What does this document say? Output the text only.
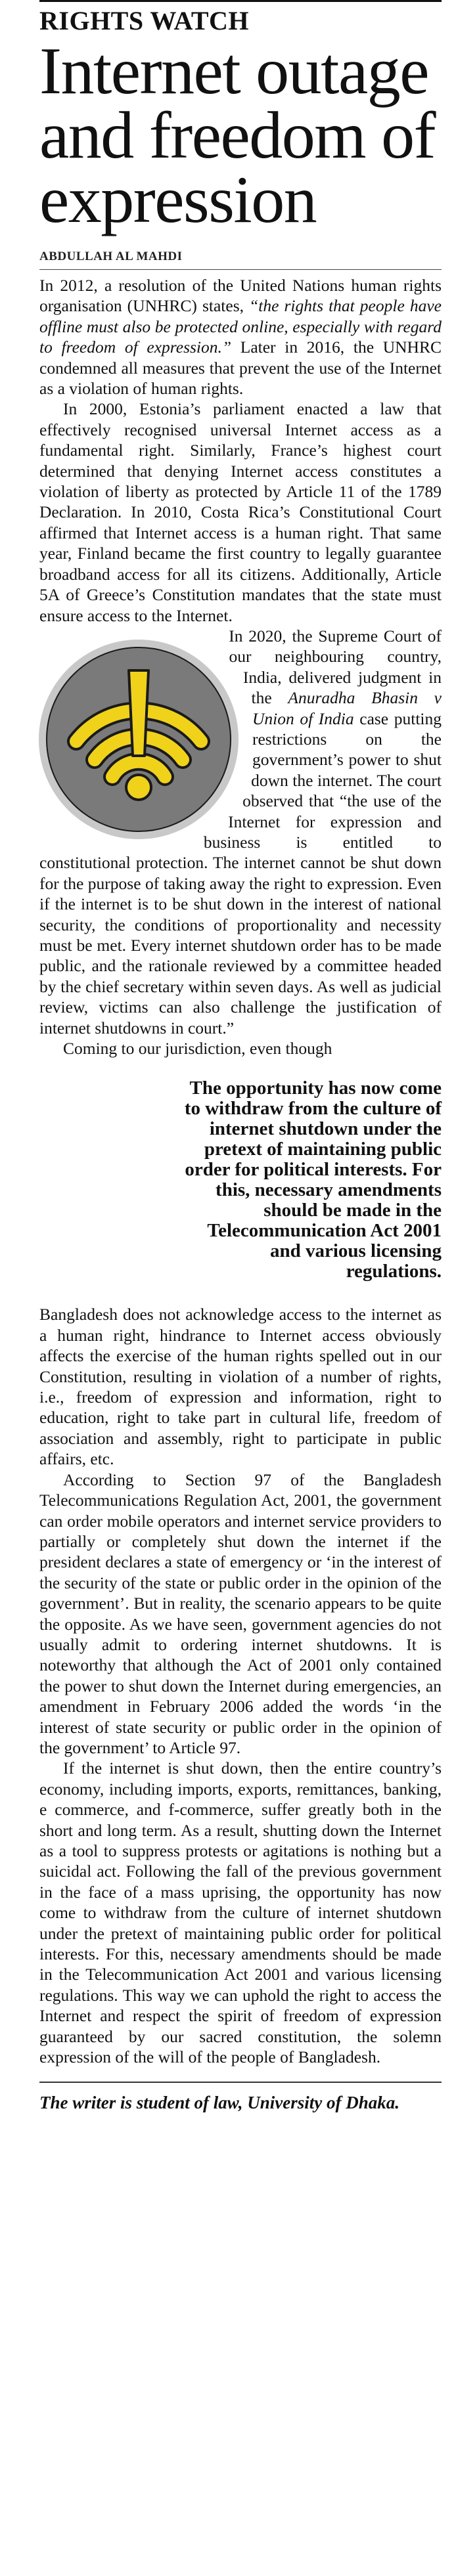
RIGHTS WATCH
Internet outage and freedom of expression
ABDULLAH AL MAHDI

In 2012, a resolution of the United Nations human rights organisation (UNHRC) states, “the rights that people have offline must also be protected online, especially with regard to freedom of expression.” Later in 2016, the UNHRC condemned all measures that prevent the use of the Internet as a violation of human rights.

In 2000, Estonia’s parliament enacted a law that effectively recognised universal Internet access as a fundamental right. Similarly, France’s highest court determined that denying Internet access constitutes a violation of liberty as protected by Article 11 of the 1789 Declaration. In 2010, Costa Rica’s Constitutional Court affirmed that Internet access is a human right. That same year, Finland became the first country to legally guarantee broadband access for all its citizens. Additionally, Article 5A of Greece’s Constitution mandates that the state must ensure access to the Internet.

In 2020, the Supreme Court of our neighbouring country, India, delivered judgment in the Anuradha Bhasin v Union of India case putting restrictions on the government’s power to shut down the internet. The court observed that “the use of the Internet for expression and business is entitled to constitutional protection. The internet cannot be shut down for the purpose of taking away the right to expression. Even if the internet is to be shut down in the interest of national security, the conditions of proportionality and necessity must be met. Every internet shutdown order has to be made public, and the rationale reviewed by a committee headed by the chief secretary within seven days. As well as judicial review, victims can also challenge the justification of internet shutdowns in court.”

Coming to our jurisdiction, even though

The opportunity has now come to withdraw from the culture of internet shutdown under the pretext of maintaining public order for political interests. For this, necessary amendments should be made in the Telecommunication Act 2001 and various licensing regulations.

Bangladesh does not acknowledge access to the internet as a human right, hindrance to Internet access obviously affects the exercise of the human rights spelled out in our Constitution, resulting in violation of a number of rights, i.e., freedom of expression and information, right to education, right to take part in cultural life, freedom of association and assembly, right to participate in public affairs, etc.

According to Section 97 of the Bangladesh Telecommunications Regulation Act, 2001, the government can order mobile operators and internet service providers to partially or completely shut down the internet if the president declares a state of emergency or ‘in the interest of the security of the state or public order in the opinion of the government’. But in reality, the scenario appears to be quite the opposite. As we have seen, government agencies do not usually admit to ordering internet shutdowns. It is noteworthy that although the Act of 2001 only contained the power to shut down the Internet during emergencies, an amendment in February 2006 added the words ‘in the interest of state security or public order in the opinion of the government’ to Article 97.

If the internet is shut down, then the entire country’s economy, including imports, exports, remittances, banking, e commerce, and f-commerce, suffer greatly both in the short and long term. As a result, shutting down the Internet as a tool to suppress protests or agitations is nothing but a suicidal act. Following the fall of the previous government in the face of a mass uprising, the opportunity has now come to withdraw from the culture of internet shutdown under the pretext of maintaining public order for political interests. For this, necessary amendments should be made in the Telecommunication Act 2001 and various licensing regulations. This way we can uphold the right to access the Internet and respect the spirit of freedom of expression guaranteed by our sacred constitution, the solemn expression of the will of the people of Bangladesh.

The writer is student of law, University of Dhaka.
